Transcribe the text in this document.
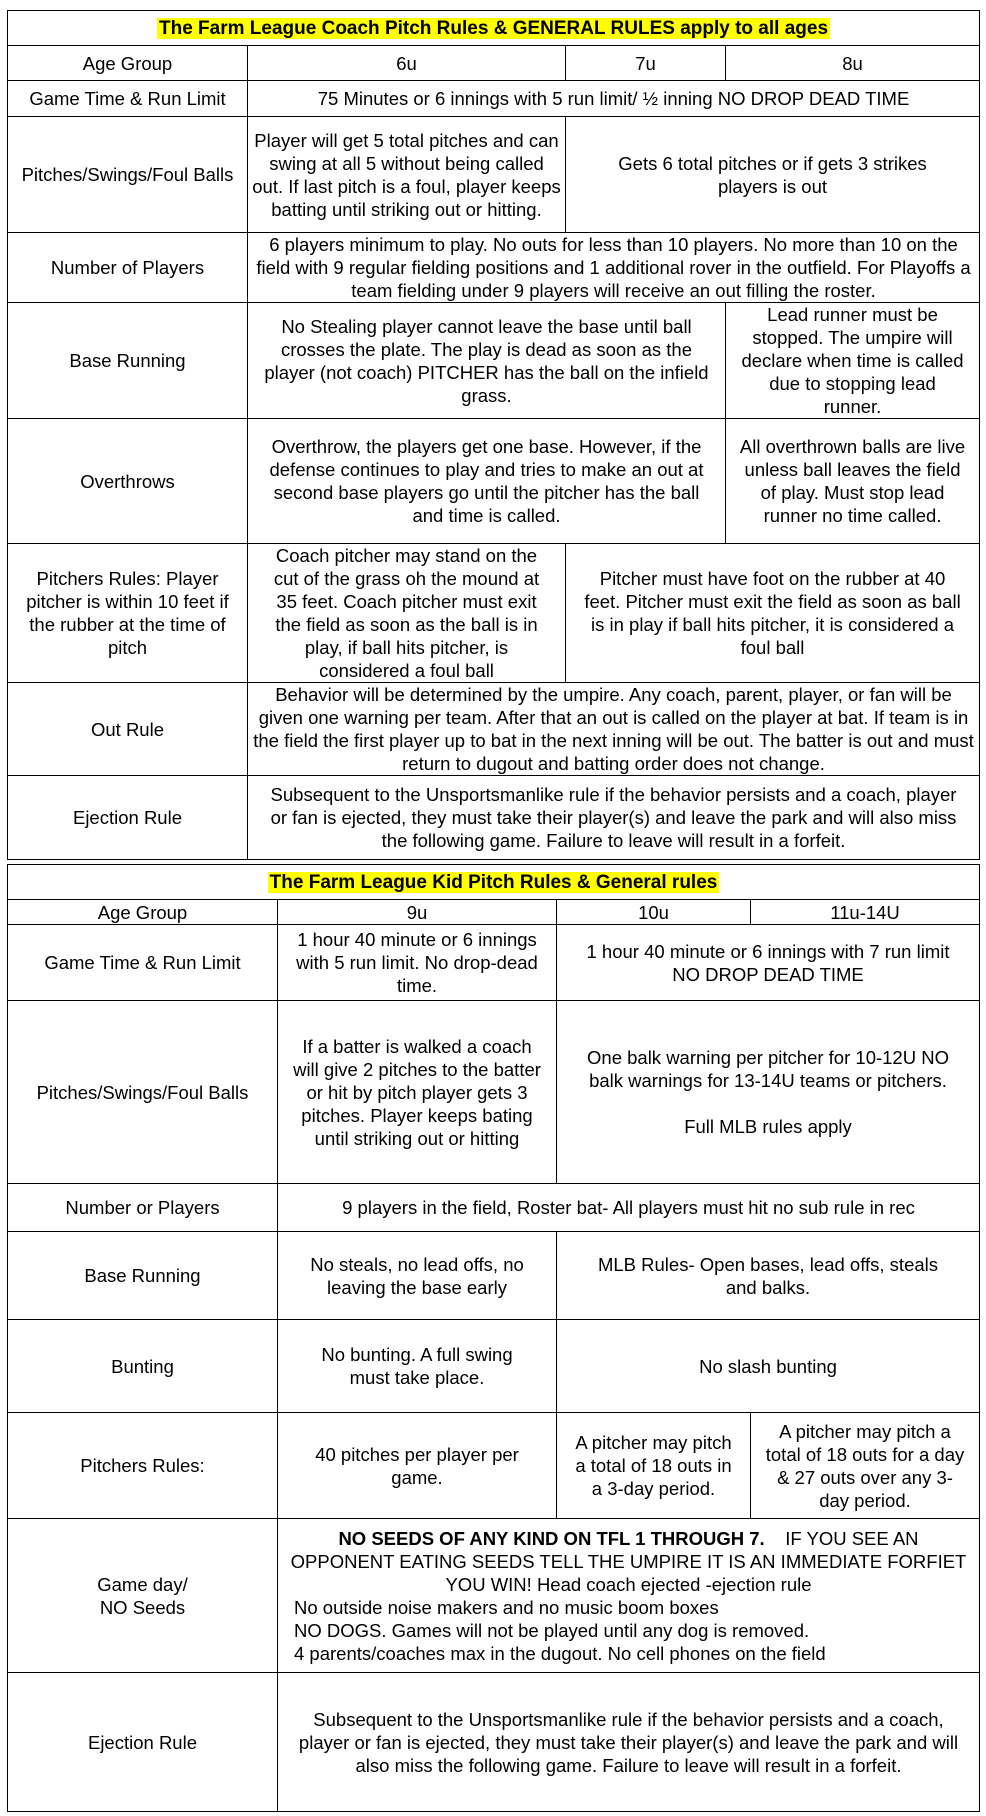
The Farm League Coach Pitch Rules & GENERAL RULES apply to all ages			
Age Group	6u	7u	8u
Game Time & Run Limit	75 Minutes or 6 innings with 5 run limit/ ½ inning NO DROP DEAD TIME		
Pitches/Swings/Foul Balls	Player will get 5 total pitches and can swing at all 5 without being called out. If last pitch is a foul, player keeps batting until striking out or hitting.	Gets 6 total pitches or if gets 3 strikes players is out	
Number of Players	6 players minimum to play. No outs for less than 10 players. No more than 10 on the field with 9 regular fielding positions and 1 additional rover in the outfield. For Playoffs a team fielding under 9 players will receive an out filling the roster.		
Base Running	No Stealing player cannot leave the base until ball crosses the plate. The play is dead as soon as the player (not coach) PITCHER has the ball on the infield grass.		Lead runner must be stopped. The umpire will declare when time is called due to stopping lead runner.
Overthrows	Overthrow, the players get one base. However, if the defense continues to play and tries to make an out at second base players go until the pitcher has the ball and time is called.		All overthrown balls are live unless ball leaves the field of play. Must stop lead runner no time called.
Pitchers Rules: Player pitcher is within 10 feet if the rubber at the time of pitch	Coach pitcher may stand on the cut of the grass oh the mound at 35 feet. Coach pitcher must exit the field as soon as the ball is in play, if ball hits pitcher, is considered a foul ball	Pitcher must have foot on the rubber at 40 feet. Pitcher must exit the field as soon as ball is in play if ball hits pitcher, it is considered a foul ball	
Out Rule	Behavior will be determined by the umpire. Any coach, parent, player, or fan will be given one warning per team. After that an out is called on the player at bat. If team is in the field the first player up to bat in the next inning will be out. The batter is out and must return to dugout and batting order does not change.		
Ejection Rule	Subsequent to the Unsportsmanlike rule if the behavior persists and a coach, player or fan is ejected, they must take their player(s) and leave the park and will also miss the following game. Failure to leave will result in a forfeit.		
The Farm League Kid Pitch Rules & General rules			
Age Group	9u	10u	11u-14U
Game Time & Run Limit	1 hour 40 minute or 6 innings with 5 run limit. No drop-dead time.	1 hour 40 minute or 6 innings with 7 run limit NO DROP DEAD TIME	
Pitches/Swings/Foul Balls	If a batter is walked a coach will give 2 pitches to the batter or hit by pitch player gets 3 pitches. Player keeps bating until striking out or hitting	One balk warning per pitcher for 10-12U NO balk warnings for 13-14U teams or pitchers.
Full MLB rules apply	
Number or Players	9 players in the field, Roster bat- All players must hit no sub rule in rec		
Base Running	No steals, no lead offs, no leaving the base early	MLB Rules- Open bases, lead offs, steals and balks.	
Bunting	No bunting. A full swing must take place.	No slash bunting	
Pitchers Rules:	40 pitches per player per game.	A pitcher may pitch a total of 18 outs in a 3-day period.	A pitcher may pitch a total of 18 outs for a day & 27 outs over any 3-day period.
Game day/
NO Seeds	NO SEEDS OF ANY KIND ON TFL 1 THROUGH 7. IF YOU SEE AN OPPONENT EATING SEEDS TELL THE UMPIRE IT IS AN IMMEDIATE FORFIET YOU WIN! Head coach ejected -ejection rule
No outside noise makers and no music boom boxes
NO DOGS. Games will not be played until any dog is removed.
4 parents/coaches max in the dugout. No cell phones on the field		

Ejection Rule	Subsequent to the Unsportsmanlike rule if the behavior persists and a coach, player or fan is ejected, they must take their player(s) and leave the park and will also miss the following game. Failure to leave will result in a forfeit.		
